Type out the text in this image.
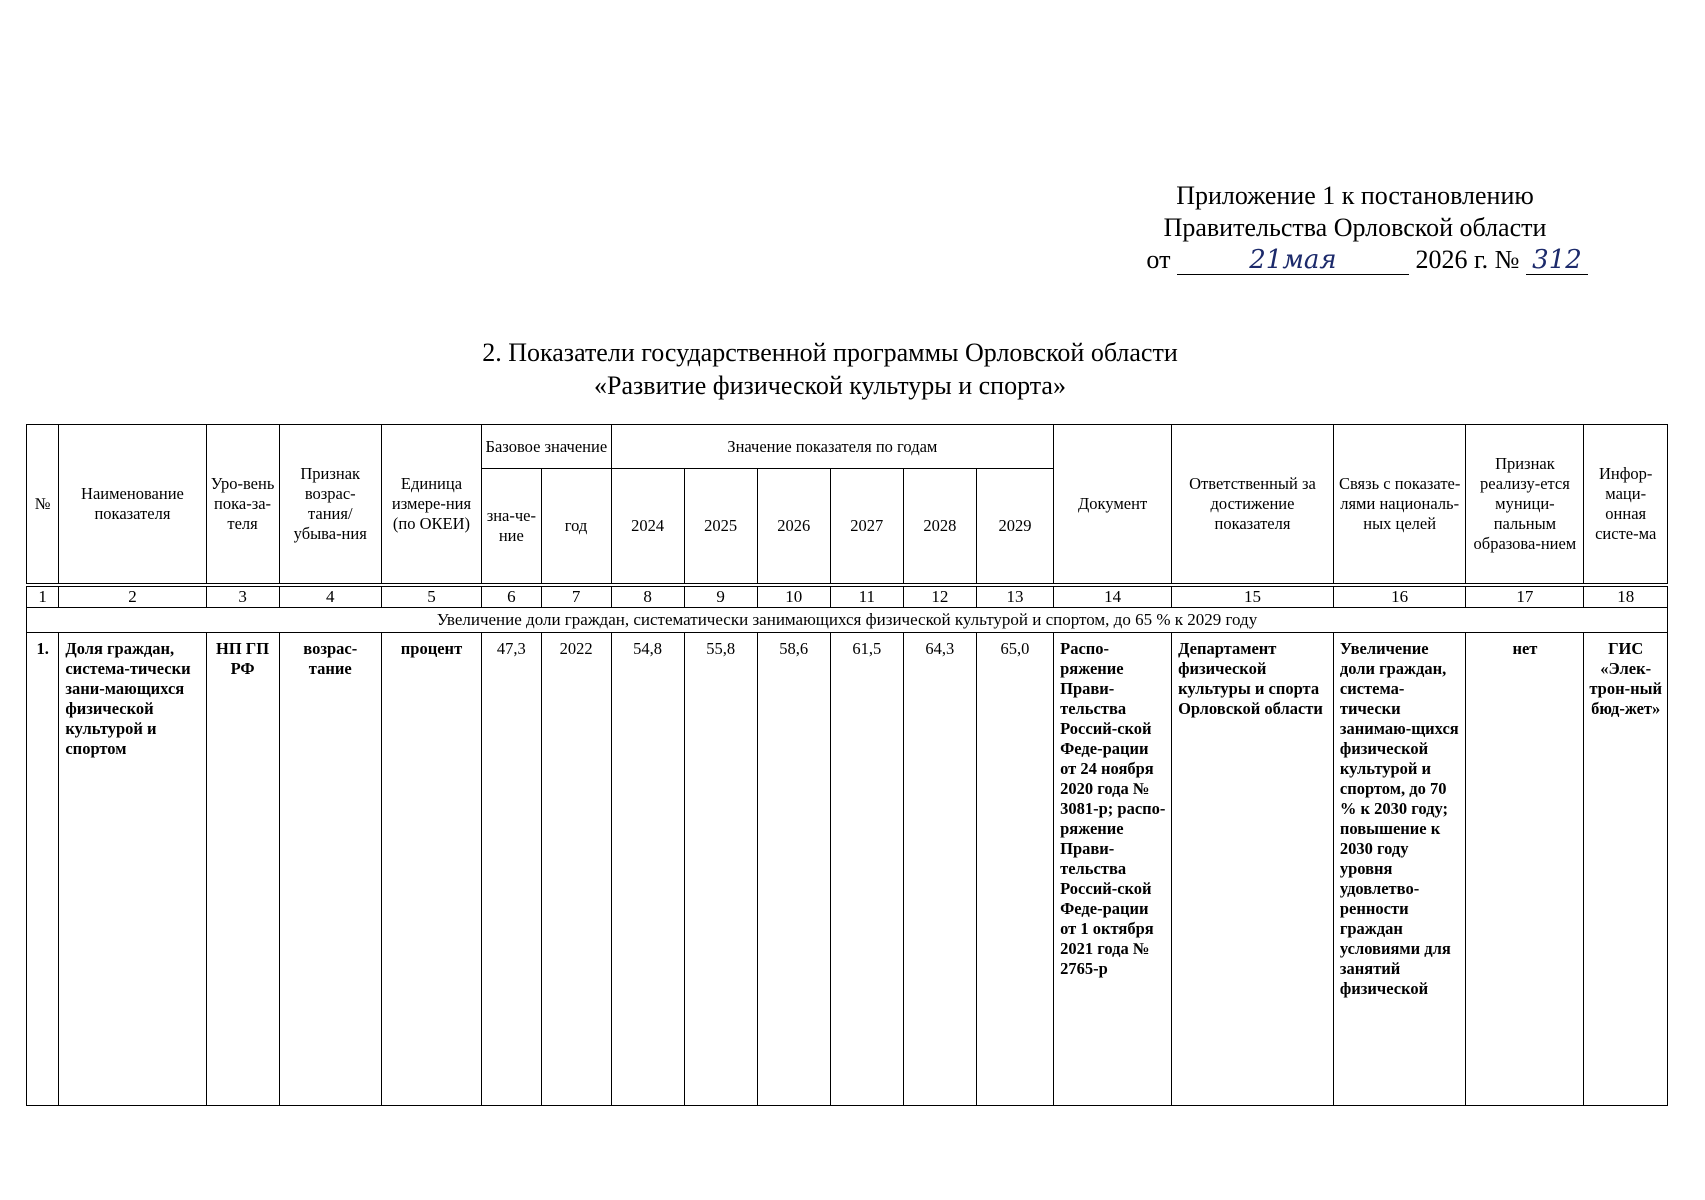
Приложение 1 к постановлению
Правительства Орловской области
от	21мая	2026 г. № 312
2. Показатели государственной программы Орловской области
«Развитие физической культуры и спорта»
№	Наименование показателя	Уро-вень пока-за-теля	Признак возрас-тания/ убыва-ния	Единица измере-ния (по ОКЕИ)	Базовое значение		Значение показателя по годам						Документ	Ответственный за достижение показателя	Связь с показате-лями националь-ных целей	Признак реализу-ется муници-пальным образова-нием	Инфор-маци-онная систе-ма
					зна-че-ние	год	2024	2025	2026	2027	2028	2029					

1	2	3	4	5	6	7	8	9	10	11	12	13	14	15	16	17	18
Увеличение доли граждан, систематически занимающихся физической культурой и спортом, до 65 % к 2029 году																	
1.	Доля граждан, система-тически зани-мающихся физической культурой и спортом	НП ГП РФ	возрас-тание	процент	47,3	2022	54,8	55,8	58,6	61,5	64,3	65,0	Распо-ряжение Прави-тельства Россий-ской Феде-рации от 24 ноября 2020 года № 3081-р; распо-ряжение Прави-тельства Россий-ской Феде-рации от 1 октября 2021 года № 2765-р	Департамент физической культуры и спорта Орловской области	Увеличение доли граждан, система-тически занимаю-щихся физической культурой и спортом, до 70 % к 2030 году; повышение к 2030 году уровня удовлетво-ренности граждан условиями для занятий физической	нет	ГИС «Элек-трон-ный бюд-жет»
